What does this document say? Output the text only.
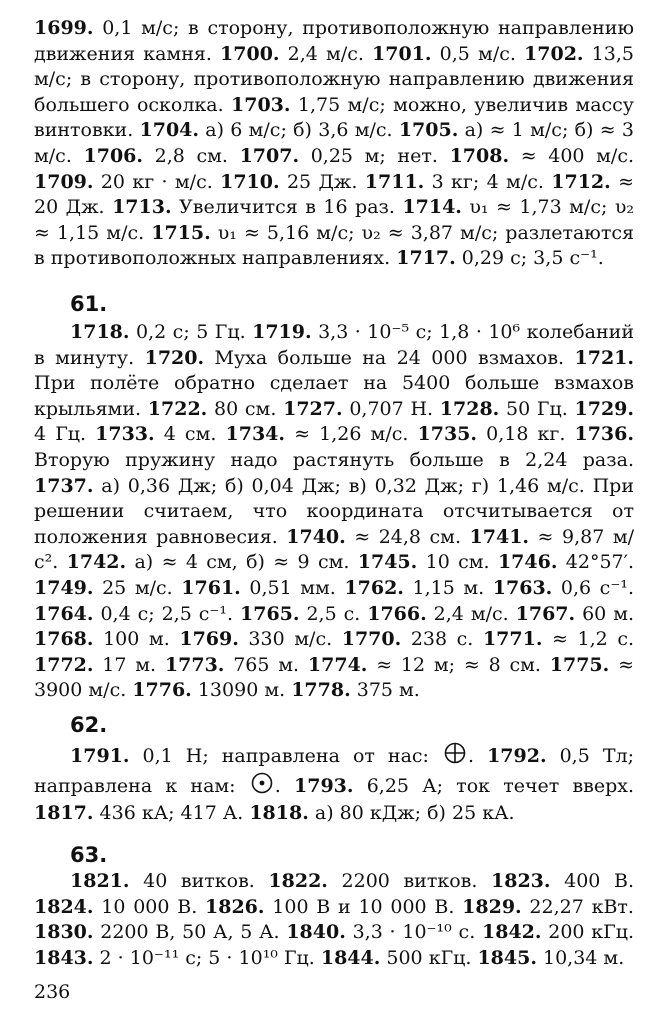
1699. 0,1 м/с; в сторону, противоположную направлению движения камня. 1700. 2,4 м/с. 1701. 0,5 м/с. 1702. 13,5 м/с; в сторону, противоположную направлению движения большего осколка. 1703. 1,75 м/с; можно, увеличив массу винтовки. 1704. а) 6 м/с; б) 3,6 м/с. 1705. а) ≈ 1 м/с; б) ≈ 3 м/с. 1706. 2,8 см. 1707. 0,25 м; нет. 1708. ≈ 400 м/с. 1709. 20 кг · м/с. 1710. 25 Дж. 1711. 3 кг; 4 м/с. 1712. ≈ 20 Дж. 1713. Увеличится в 16 раз. 1714. υ₁ ≈ 1,73 м/с; υ₂ ≈ 1,15 м/с. 1715. υ₁ ≈ 5,16 м/с; υ₂ ≈ 3,87 м/с; разлетаются в противоположных направлениях. 1717. 0,29 с; 3,5 с⁻¹.

61.

1718. 0,2 с; 5 Гц. 1719. 3,3 · 10⁻⁵ с; 1,8 · 10⁶ колебаний в минуту. 1720. Муха больше на 24 000 взмахов. 1721. При полёте обратно сделает на 5400 больше взмахов крыльями. 1722. 80 см. 1727. 0,707 Н. 1728. 50 Гц. 1729. 4 Гц. 1733. 4 см. 1734. ≈ 1,26 м/с. 1735. 0,18 кг. 1736. Вторую пружину надо растянуть больше в 2,24 раза. 1737. а) 0,36 Дж; б) 0,04 Дж; в) 0,32 Дж; г) 1,46 м/с. При решении считаем, что координата отсчитывается от положения равновесия. 1740. ≈ 24,8 см. 1741. ≈ 9,87 м/с². 1742. а) ≈ 4 см, б) ≈ 9 см. 1745. 10 см. 1746. 42°57′. 1749. 25 м/с. 1761. 0,51 мм. 1762. 1,15 м. 1763. 0,6 с⁻¹. 1764. 0,4 с; 2,5 с⁻¹. 1765. 2,5 с. 1766. 2,4 м/с. 1767. 60 м. 1768. 100 м. 1769. 330 м/с. 1770. 238 с. 1771. ≈ 1,2 с. 1772. 17 м. 1773. 765 м. 1774. ≈ 12 м; ≈ 8 см. 1775. ≈ 3900 м/с. 1776. 13090 м. 1778. 375 м.

62.

1791. 0,1 Н; направлена от нас: . 1792. 0,5 Тл; направлена к нам: . 1793. 6,25 А; ток течет вверх. 1817. 436 кА; 417 А. 1818. а) 80 кДж; б) 25 кА.

63.

1821. 40 витков. 1822. 2200 витков. 1823. 400 В. 1824. 10 000 В. 1826. 100 В и 10 000 В. 1829. 22,27 кВт. 1830. 2200 В, 50 А, 5 А. 1840. 3,3 · 10⁻¹⁰ с. 1842. 200 кГц. 1843. 2 · 10⁻¹¹ с; 5 · 10¹⁰ Гц. 1844. 500 кГц. 1845. 10,34 м.

236
